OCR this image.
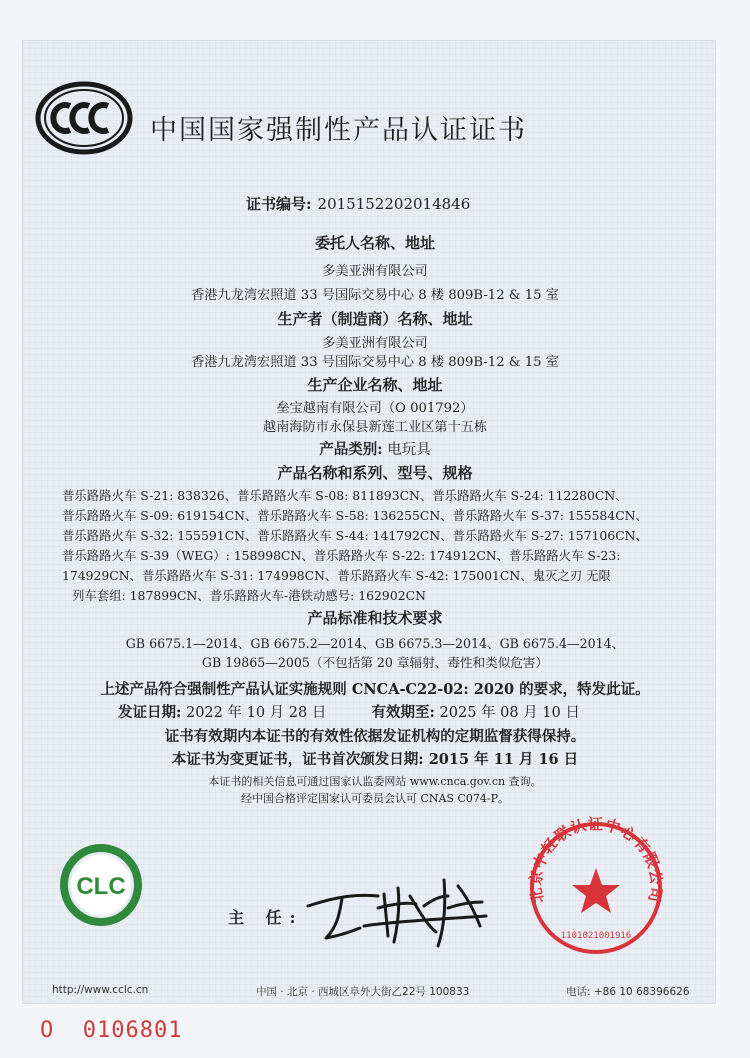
中国国家强制性产品认证证书
证书编号: 2015152202014846
委托人名称、地址
多美亚洲有限公司
香港九龙湾宏照道 33 号国际交易中心 8 楼 809B-12 & 15 室
生产者（制造商）名称、地址
多美亚洲有限公司
香港九龙湾宏照道 33 号国际交易中心 8 楼 809B-12 & 15 室
生产企业名称、地址
垒宝越南有限公司（O 001792）
越南海防市永保县新莲工业区第十五栋
产品类别: 电玩具
产品名称和系列、型号、规格
普乐路路火车 S-21: 838326、普乐路路火车 S-08: 811893CN、普乐路路火车 S-24: 112280CN、
普乐路路火车 S-09: 619154CN、普乐路路火车 S-58: 136255CN、普乐路路火车 S-37: 155584CN、
普乐路路火车 S-32: 155591CN、普乐路路火车 S-44: 141792CN、普乐路路火车 S-27: 157106CN、
普乐路路火车 S-39（WEG）: 158998CN、普乐路路火车 S-22: 174912CN、普乐路路火车 S-23:
174929CN、普乐路路火车 S-31: 174998CN、普乐路路火车 S-42: 175001CN、鬼灭之刃 无限
列车套组: 187899CN、普乐路路火车-港铁动感号: 162902CN
产品标准和技术要求
GB 6675.1—2014、GB 6675.2—2014、GB 6675.3—2014、GB 6675.4—2014、
GB 19865—2005（不包括第 20 章辐射、毒性和类似危害）
上述产品符合强制性产品认证实施规则 CNCA-C22-02: 2020 的要求，特发此证。
发证日期: 2022 年 10 月 28 日	有效期至: 2025 年 08 月 10 日
证书有效期内本证书的有效性依据发证机构的定期监督获得保持。
本证书为变更证书，证书首次颁发日期: 2015 年 11 月 16 日
本证书的相关信息可通过国家认监委网站 www.cnca.gov.cn 查询。
经中国合格评定国家认可委员会认可 CNAS C074-P。
CLC
主 任:
北京中轻联认证中心有限公司
1101021001916
http://www.cclc.cn	中国 · 北京 · 西城区阜外大街乙22号 100833	电话: +86 10 68396626
O  0106801
